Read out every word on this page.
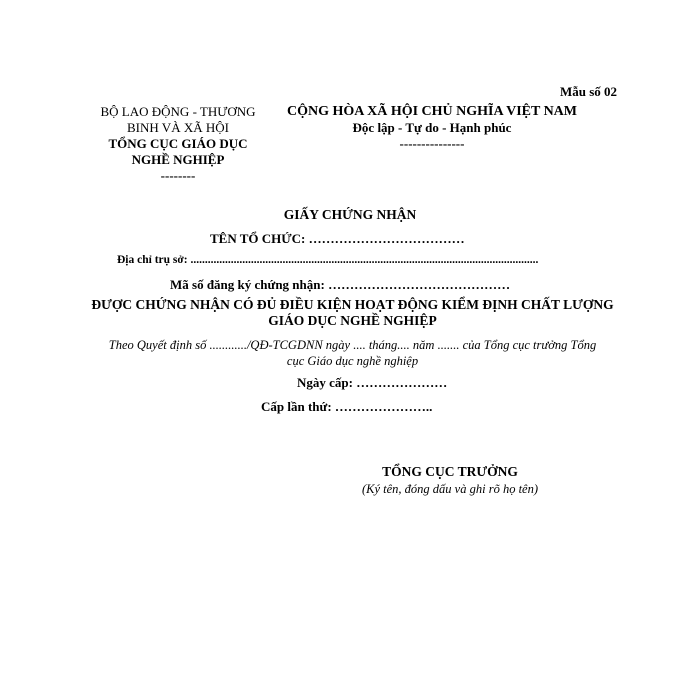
Mẫu số 02
BỘ LAO ĐỘNG - THƯƠNG
BINH VÀ XÃ HỘI
TỔNG CỤC GIÁO DỤC
NGHỀ NGHIỆP
--------
CỘNG HÒA XÃ HỘI CHỦ NGHĨA VIỆT NAM
Độc lập - Tự do - Hạnh phúc
---------------
GIẤY CHỨNG NHẬN
TÊN TỔ CHỨC: ………………………………
Địa chỉ trụ sở: .........................................................................................................................
Mã số đăng ký chứng nhận: ……………………………………
ĐƯỢC CHỨNG NHẬN CÓ ĐỦ ĐIỀU KIỆN HOẠT ĐỘNG KIỂM ĐỊNH CHẤT LƯỢNG
GIÁO DỤC NGHỀ NGHIỆP
Theo Quyết định số ............/QĐ-TCGDNN ngày .... tháng.... năm ....... của Tổng cục trưởng Tổng
cục Giáo dục nghề nghiệp
Ngày cấp: …………………
Cấp lần thứ: …………………..
TỔNG CỤC TRƯỞNG
(Ký tên, đóng dấu và ghi rõ họ tên)
